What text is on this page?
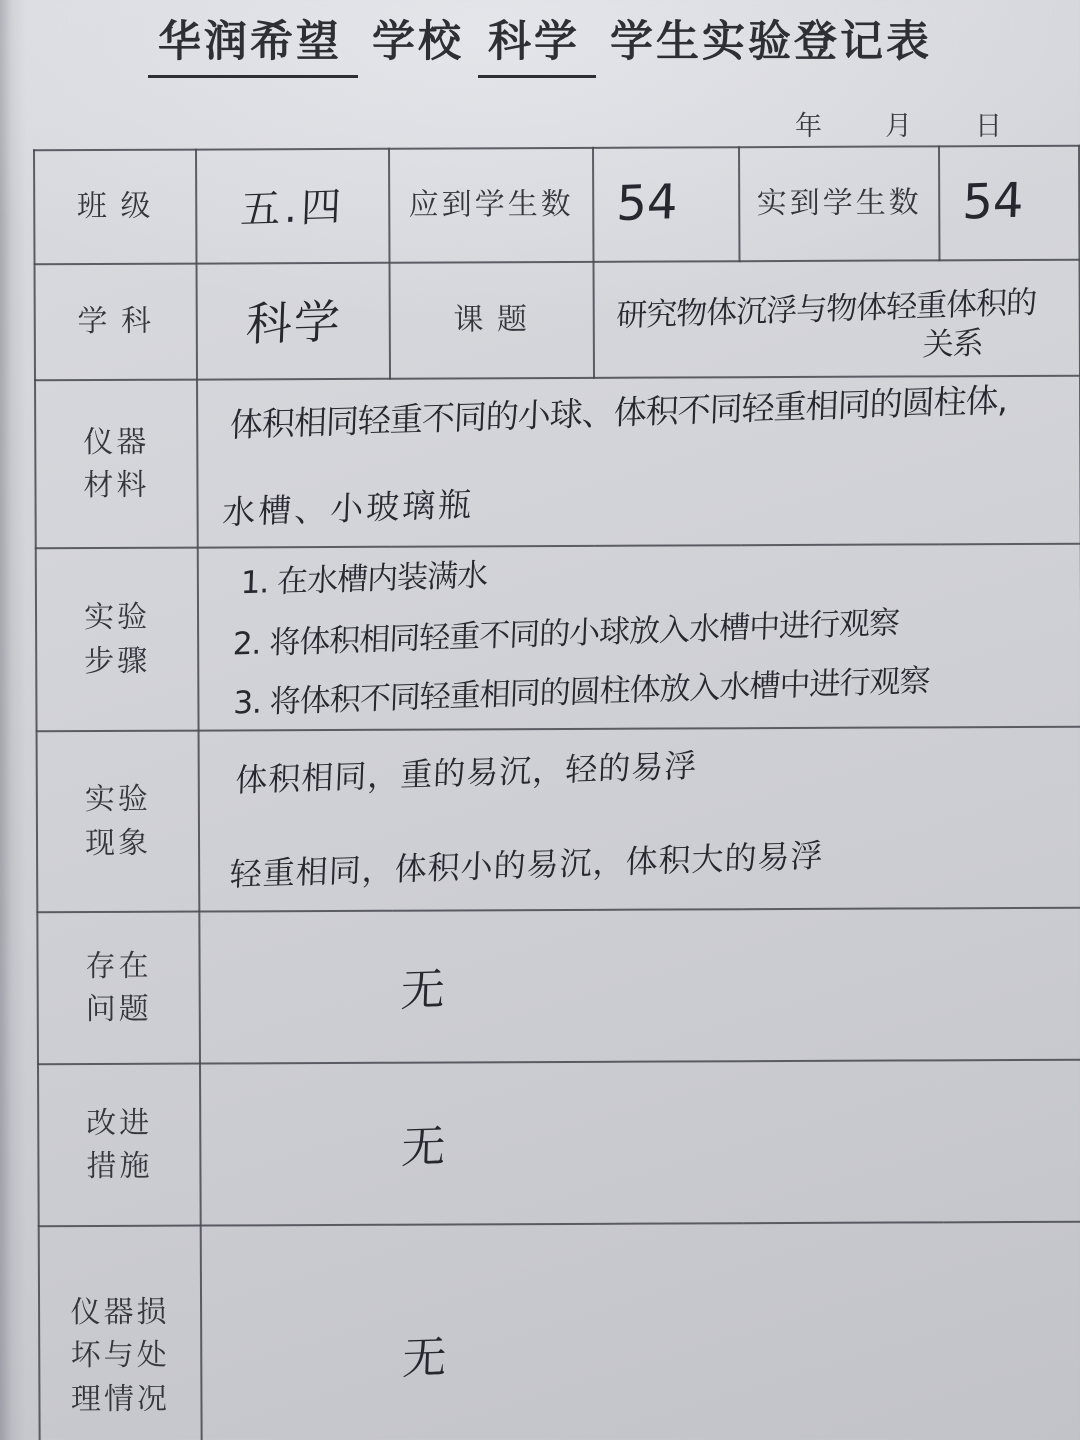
华润希望 学校 科学 学生实验登记表
年 月 日
班 级	五.四	应到学生数	54	实到学生数	54
学 科	科学	课 题	研究物体沉浮与物体轻重体积的
关系		

仪器
材料	体积相同轻重不同的小球、体积不同轻重相同的圆柱体,
水槽、小玻璃瓶				

实验
步骤	1. 在水槽内装满水
2. 将体积相同轻重不同的小球放入水槽中进行观察
3. 将体积不同轻重相同的圆柱体放入水槽中进行观察				

实验
现象	体积相同，重的易沉，轻的易浮
轻重相同，体积小的易沉，体积大的易浮				

存在
问题	无				

改进
措施	无				

仪器损
坏与处
理情况	无				
